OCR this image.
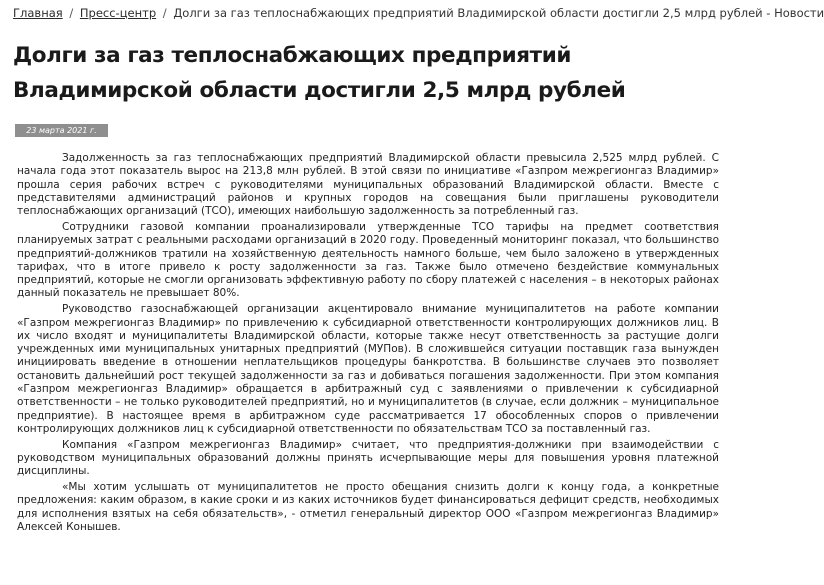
Главная / Пресс-центр / Долги за газ теплоснабжающих предприятий Владимирской области достигли 2,5 млрд рублей - Новости
Долги за газ теплоснабжающих предприятий Владимирской области достигли 2,5 млрд рублей
23 марта 2021 г.

Задолженность за газ теплоснабжающих предприятий Владимирской области превысила 2,525 млрд рублей. С начала года этот показатель вырос на 213,8 млн рублей. В этой связи по инициативе «Газпром межрегионгаз Владимир» прошла серия рабочих встреч с руководителями муниципальных образований Владимирской области. Вместе с представителями администраций районов и крупных городов на совещания были приглашены руководители теплоснабжающих организаций (ТСО), имеющих наибольшую задолженность за потребленный газ.

Сотрудники газовой компании проанализировали утвержденные ТСО тарифы на предмет соответствия планируемых затрат с реальными расходами организаций в 2020 году. Проведенный мониторинг показал, что большинство предприятий-должников тратили на хозяйственную деятельность намного больше, чем было заложено в утвержденных тарифах, что в итоге привело к росту задолженности за газ. Также было отмечено бездействие коммунальных предприятий, которые не смогли организовать эффективную работу по сбору платежей с населения – в некоторых районах данный показатель не превышает 80%.

Руководство газоснабжающей организации акцентировало внимание муниципалитетов на работе компании «Газпром межрегионгаз Владимир» по привлечению к субсидиарной ответственности контролирующих должников лиц. В их число входят и муниципалитеты Владимирской области, которые также несут ответственность за растущие долги учрежденных ими муниципальных унитарных предприятий (МУПов). В сложившейся ситуации поставщик газа вынужден инициировать введение в отношении неплательщиков процедуры банкротства. В большинстве случаев это позволяет остановить дальнейший рост текущей задолженности за газ и добиваться погашения задолженности. При этом компания «Газпром межрегионгаз Владимир» обращается в арбитражный суд с заявлениями о привлечении к субсидиарной ответственности – не только руководителей предприятий, но и муниципалитетов (в случае, если должник – муниципальное предприятие). В настоящее время в арбитражном суде рассматривается 17 обособленных споров о привлечении контролирующих должников лиц к субсидиарной ответственности по обязательствам ТСО за поставленный газ.

Компания «Газпром межрегионгаз Владимир» считает, что предприятия-должники при взаимодействии с руководством муниципальных образований должны принять исчерпывающие меры для повышения уровня платежной дисциплины.

«Мы хотим услышать от муниципалитетов не просто обещания снизить долги к концу года, а конкретные предложения: каким образом, в какие сроки и из каких источников будет финансироваться дефицит средств, необходимых для исполнения взятых на себя обязательств», - отметил генеральный директор ООО «Газпром межрегионгаз Владимир» Алексей Конышев.
